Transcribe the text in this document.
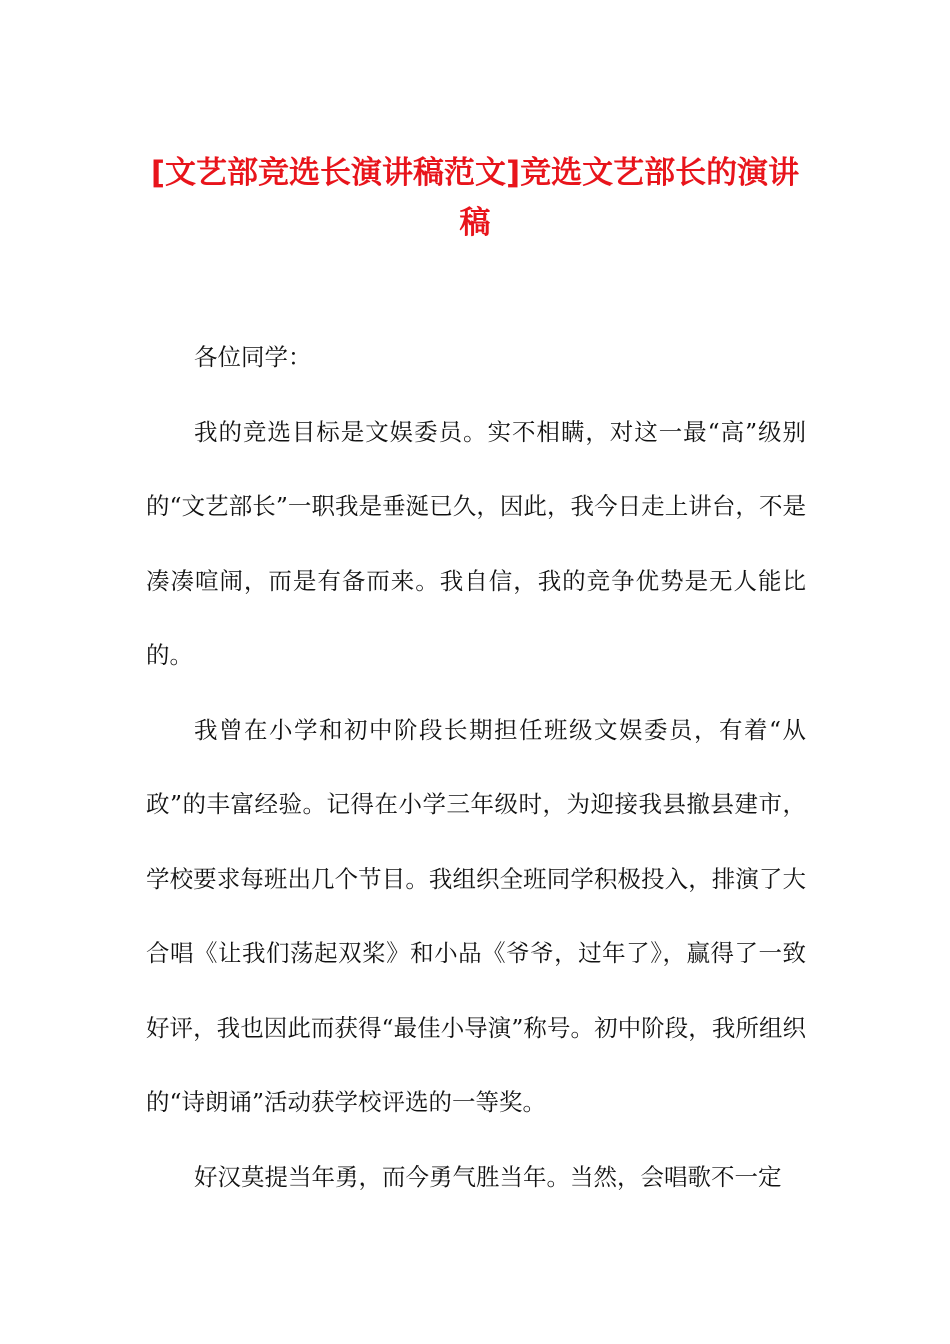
[文艺部竞选长演讲稿范文]竞选文艺部长的演讲稿

各位同学：

我的竞选目标是文娱委员。实不相瞒，对这一最“高”级别的“文艺部长”一职我是垂涎已久，因此，我今日走上讲台，不是凑凑喧闹，而是有备而来。我自信，我的竞争优势是无人能比的。

我曾在小学和初中阶段长期担任班级文娱委员，有着“从政”的丰富经验。记得在小学三年级时，为迎接我县撤县建市，学校要求每班出几个节目。我组织全班同学积极投入，排演了大合唱《让我们荡起双桨》和小品《爷爷，过年了》，赢得了一致好评，我也因此而获得“最佳小导演”称号。初中阶段，我所组织的“诗朗诵”活动获学校评选的一等奖。

好汉莫提当年勇，而今勇气胜当年。当然，会唱歌不一定
